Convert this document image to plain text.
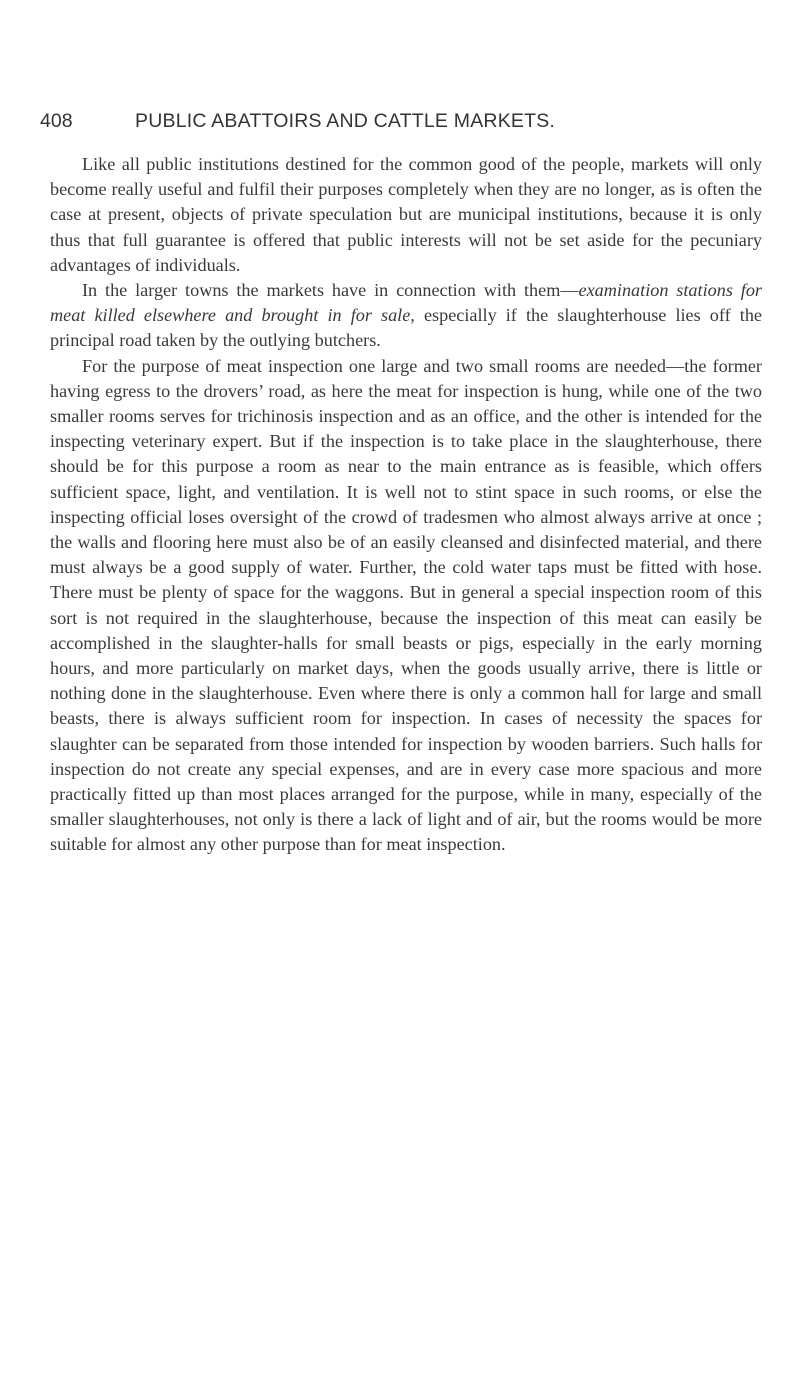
408	PUBLIC ABATTOIRS AND CATTLE MARKETS.

Like all public institutions destined for the common good of the people, markets will only become really useful and fulfil their purposes completely when they are no longer, as is often the case at present, objects of private speculation but are municipal institutions, because it is only thus that full guarantee is offered that public interests will not be set aside for the pecuniary advantages of individuals.

In the larger towns the markets have in connection with them—examination stations for meat killed elsewhere and brought in for sale, especially if the slaughterhouse lies off the principal road taken by the outlying butchers.

For the purpose of meat inspection one large and two small rooms are needed—the former having egress to the drovers’ road, as here the meat for inspection is hung, while one of the two smaller rooms serves for trichinosis inspection and as an office, and the other is intended for the inspecting veterinary expert. But if the inspection is to take place in the slaughterhouse, there should be for this purpose a room as near to the main entrance as is feasible, which offers sufficient space, light, and ventilation. It is well not to stint space in such rooms, or else the inspecting official loses oversight of the crowd of tradesmen who almost always arrive at once ; the walls and flooring here must also be of an easily cleansed and disinfected material, and there must always be a good supply of water. Further, the cold water taps must be fitted with hose. There must be plenty of space for the waggons. But in general a special inspection room of this sort is not required in the slaughterhouse, because the inspection of this meat can easily be accomplished in the slaughter-halls for small beasts or pigs, especially in the early morning hours, and more particularly on market days, when the goods usually arrive, there is little or nothing done in the slaughterhouse. Even where there is only a common hall for large and small beasts, there is always sufficient room for inspection. In cases of necessity the spaces for slaughter can be separated from those intended for inspection by wooden barriers. Such halls for inspection do not create any special expenses, and are in every case more spacious and more practically fitted up than most places arranged for the purpose, while in many, especially of the smaller slaughterhouses, not only is there a lack of light and of air, but the rooms would be more suitable for almost any other purpose than for meat inspection.
